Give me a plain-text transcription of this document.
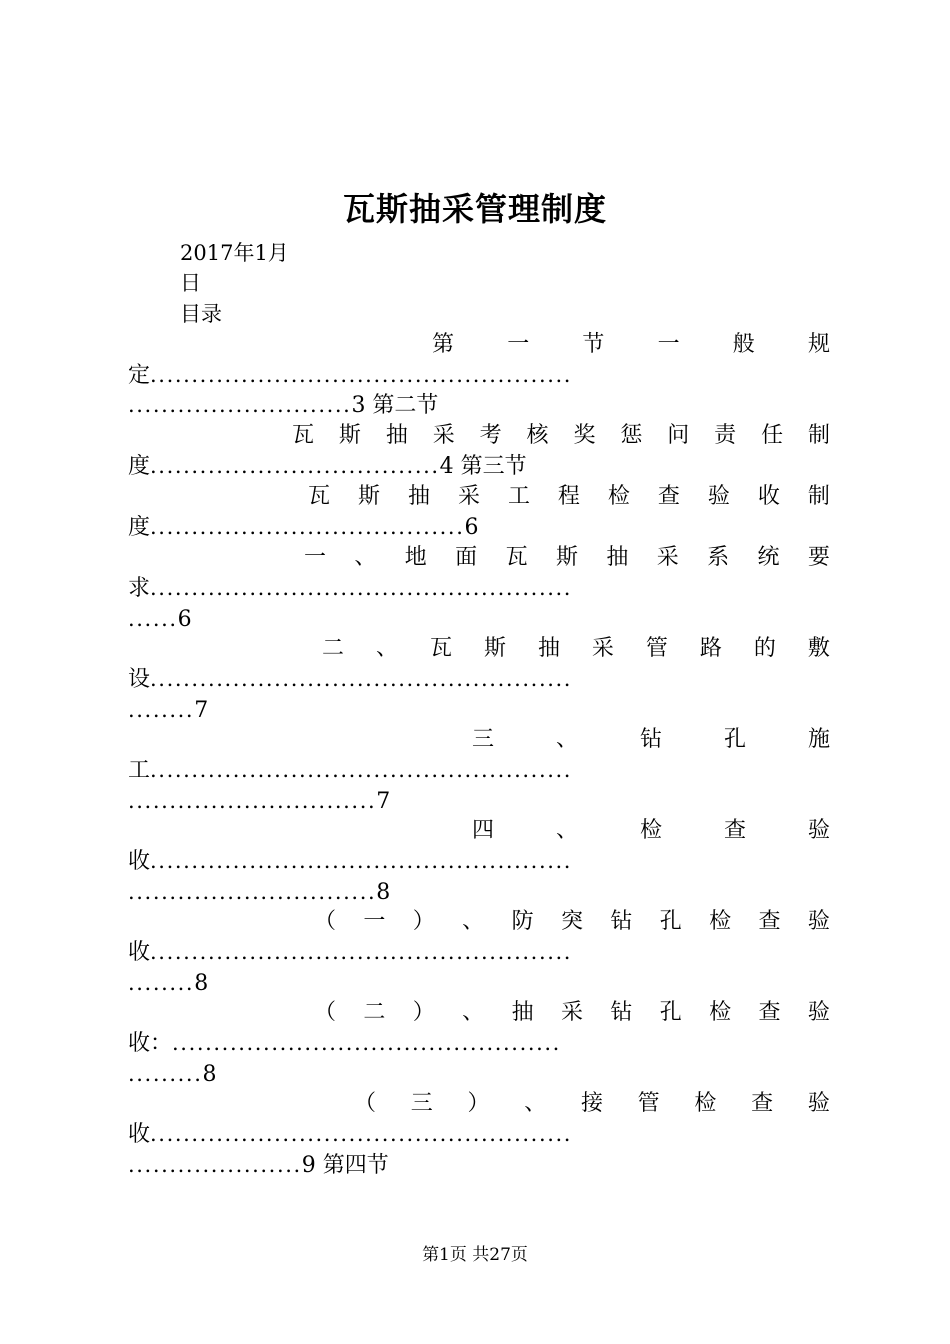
瓦斯抽采管理制度
2017年1月
日
目录
第 一 节 一 般 规
定...................................................
...........................3 第二节
瓦 斯 抽 采 考 核 奖 惩 问 责 任 制
度...................................4 第三节
瓦 斯 抽 采 工 程 检 查 验 收 制
度......................................6
一 、 地 面 瓦 斯 抽 采 系 统 要
求...................................................
......6
二 、 瓦 斯 抽 采 管 路 的 敷
设...................................................
........7
三	、	钻	孔	施
工...................................................
..............................7
四	、	检	查	验
收...................................................
..............................8
（ 一 ） 、 防 突 钻 孔 检 查 验
收...................................................
........8
（ 二 ） 、 抽 采 钻 孔 检 查 验
收：...............................................
.........8
（ 三 ） 、 接 管 检 查 验
收...................................................
.....................9 第四节
第1页 共27页
